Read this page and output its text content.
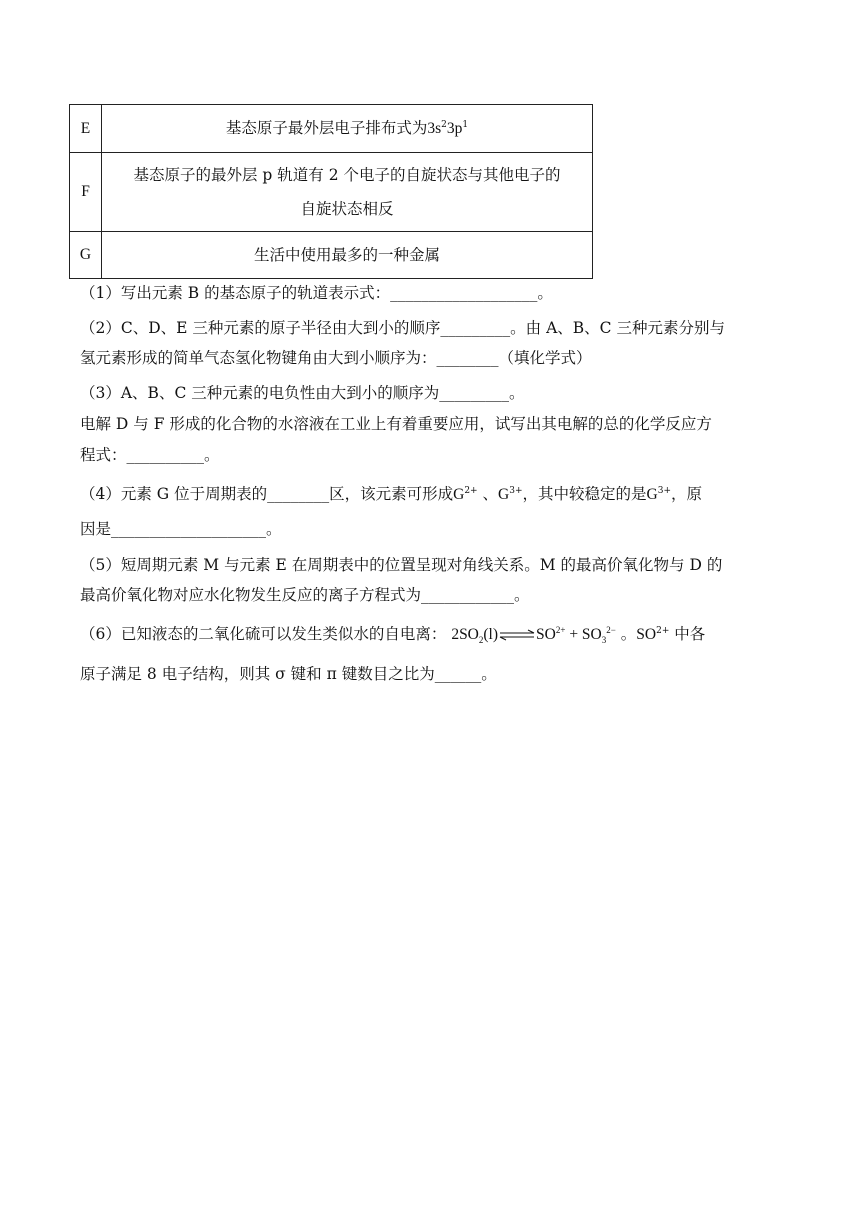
E	基态原子最外层电子排布式为$3s^23p^1$
F	基态原子的最外层 p 轨道有 2 个电子的自旋状态与其他电子的
自旋状态相反

G	生活中使用最多的一种金属
（1）写出元素 B 的基态原子的轨道表示式：___________________。
（2）C、D、E 三种元素的原子半径由大到小的顺序_________。由 A、B、C 三种元素分别与
氢元素形成的简单气态氢化物键角由大到小顺序为：________（填化学式）
（3）A、B、C 三种元素的电负性由大到小的顺序为_________。
电解 D 与 F 形成的化合物的水溶液在工业上有着重要应用，试写出其电解的总的化学反应方
程式：__________。
（4）元素 G 位于周期表的________区，该元素可形成$G^{2+}$ 、$G^{3+}$，其中较稳定的是$G^{3+}$，原
因是____________________。
（5）短周期元素 M 与元素 E 在周期表中的位置呈现对角线关系。M 的最高价氧化物与 D 的
最高价氧化物对应水化物发生反应的离子方程式为____________。
（6）已知液态的二氧化硫可以发生类似水的自电离： $2SO_2(l)\rightleftharpoons SO^{2+} + SO_3^{2-}$ 。$SO^{2+}$ 中各
原子满足 8 电子结构，则其 σ 键和 π 键数目之比为______。
